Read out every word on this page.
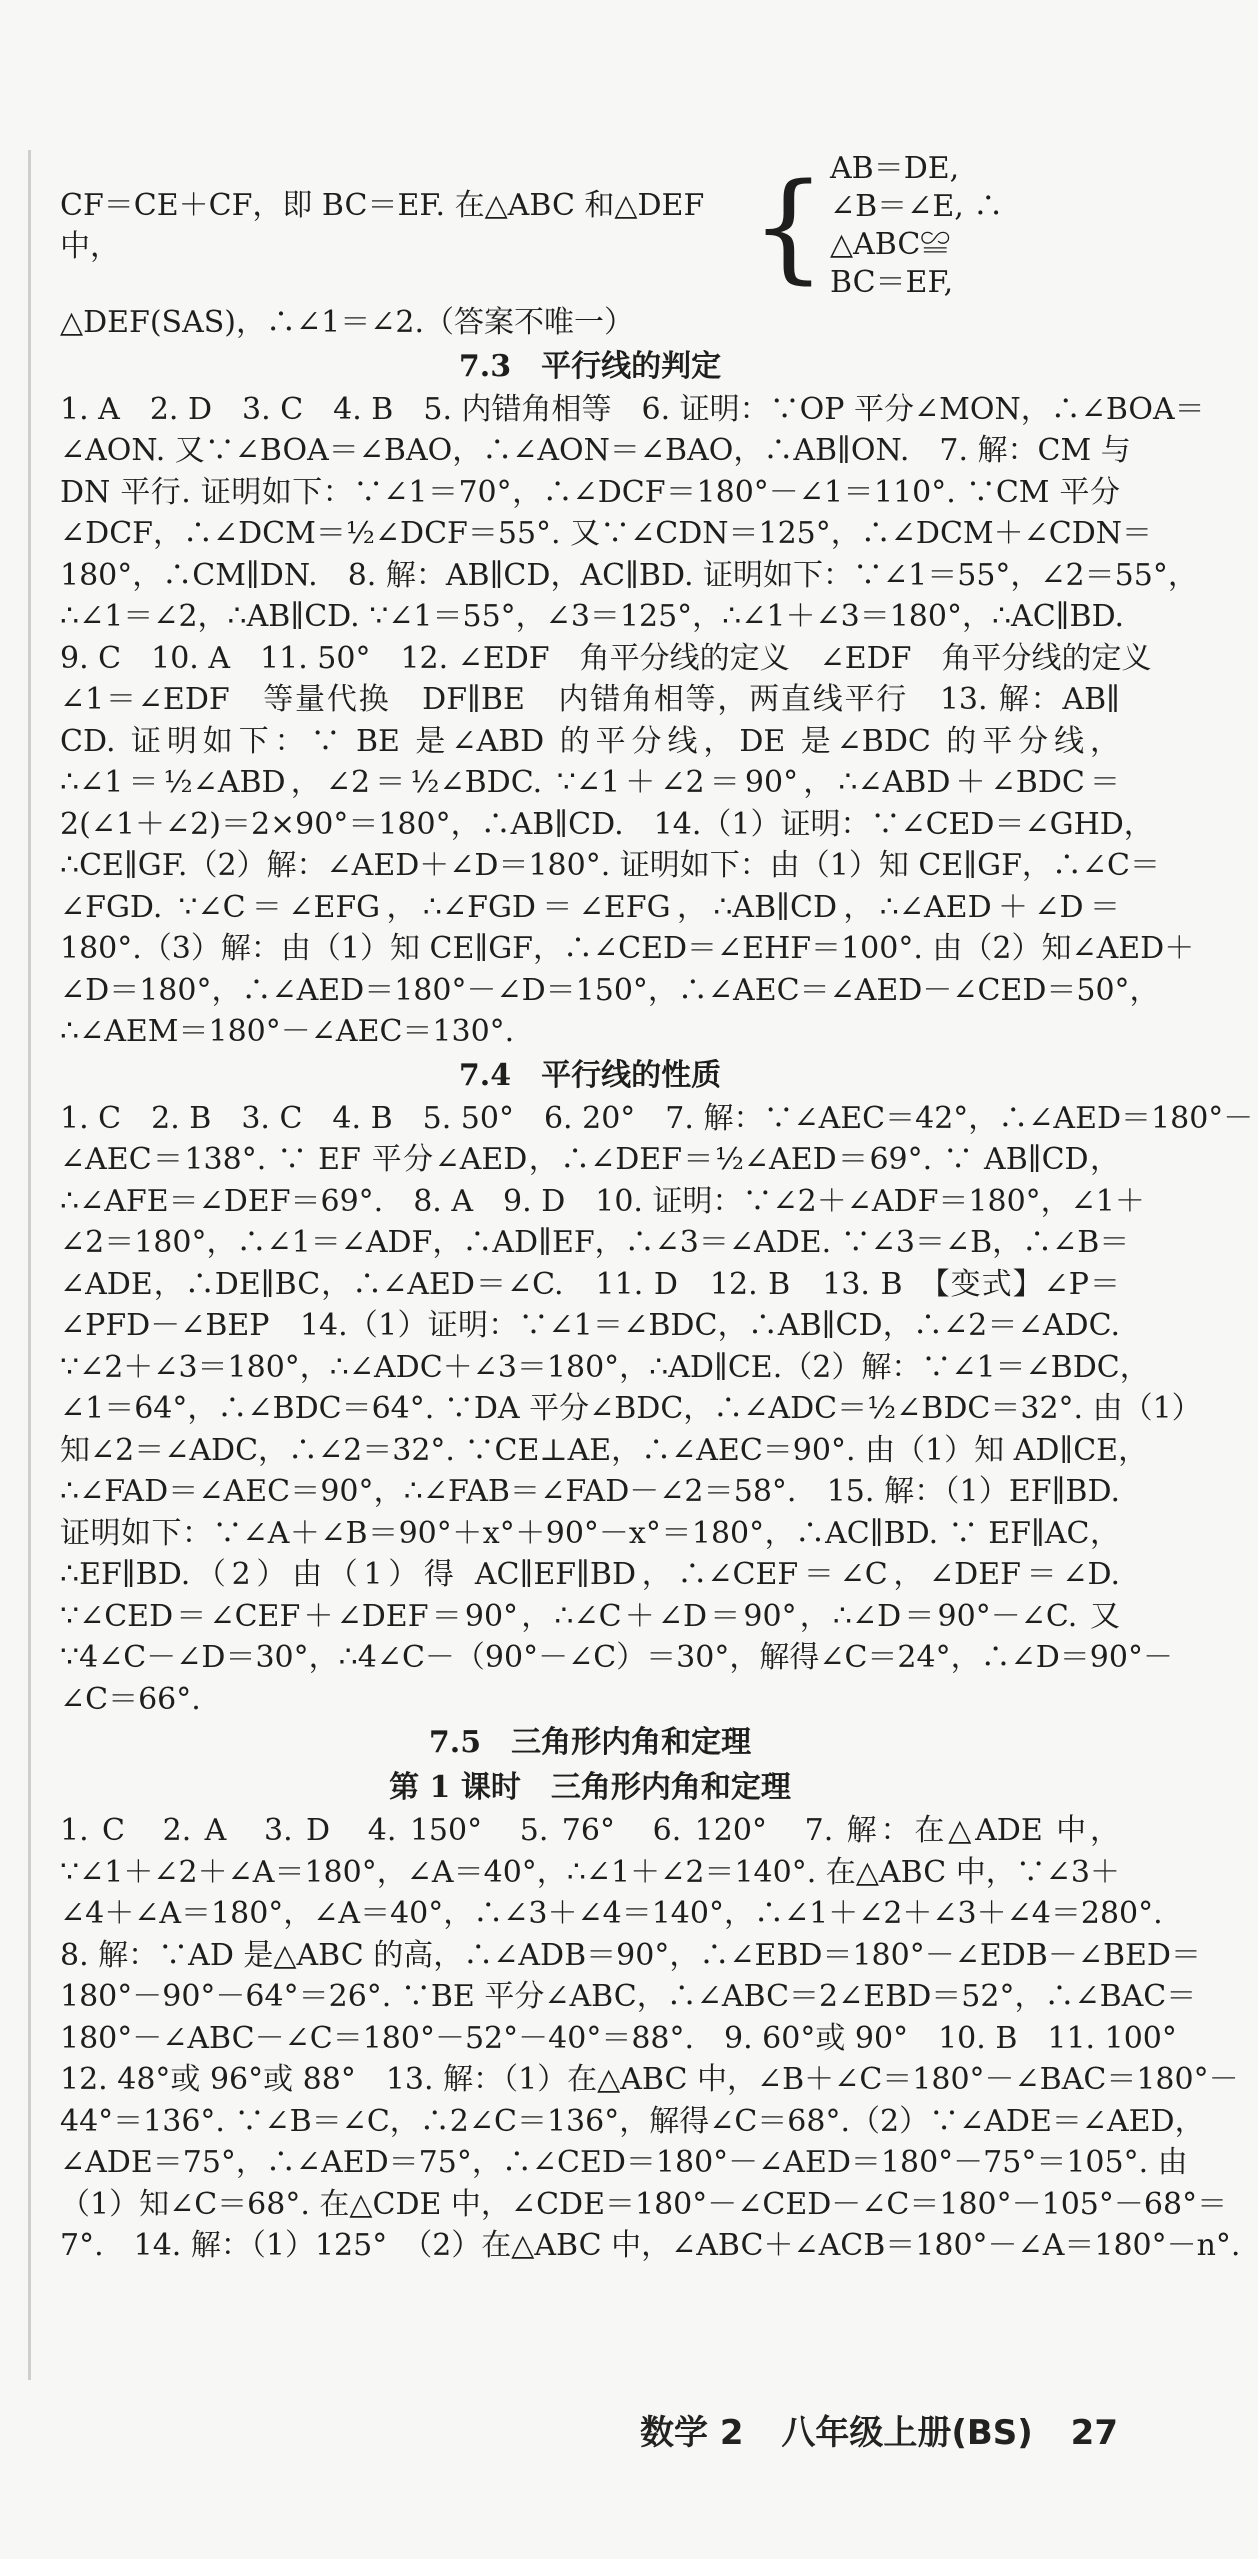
CF＝CE＋CF，即 BC＝EF. 在△ABC 和△DEF 中，	{ AB＝DE,
∠B＝∠E, ∴ △ABC≌
BC＝EF,
△DEF(SAS)，∴∠1＝∠2.（答案不唯一）
7.3　平行线的判定
1. A　2. D　3. C　4. B　5. 内错角相等　6. 证明：∵OP 平分∠MON，∴∠BOA＝
∠AON. 又∵∠BOA＝∠BAO，∴∠AON＝∠BAO，∴AB∥ON.　7. 解：CM 与
DN 平行. 证明如下：∵∠1＝70°，∴∠DCF＝180°－∠1＝110°. ∵CM 平分
∠DCF，∴∠DCM＝½∠DCF＝55°. 又∵∠CDN＝125°，∴∠DCM＋∠CDN＝
180°，∴CM∥DN.　8. 解：AB∥CD，AC∥BD. 证明如下：∵∠1＝55°，∠2＝55°，
∴∠1＝∠2，∴AB∥CD. ∵∠1＝55°，∠3＝125°，∴∠1＋∠3＝180°，∴AC∥BD.
9. C　10. A　11. 50°　12. ∠EDF　角平分线的定义　∠EDF　角平分线的定义
∠1＝∠EDF　等量代换　DF∥BE　内错角相等，两直线平行　13. 解：AB∥
CD. 证明如下：∵ BE 是∠ABD 的平分线，DE 是∠BDC 的平分线，
∴∠1＝½∠ABD，∠2＝½∠BDC. ∵∠1＋∠2＝90°，∴∠ABD＋∠BDC＝
2(∠1＋∠2)＝2×90°＝180°，∴AB∥CD.　14.（1）证明：∵∠CED＝∠GHD，
∴CE∥GF.（2）解：∠AED＋∠D＝180°. 证明如下：由（1）知 CE∥GF，∴∠C＝
∠FGD. ∵∠C＝∠EFG，∴∠FGD＝∠EFG，∴AB∥CD，∴∠AED＋∠D＝
180°.（3）解：由（1）知 CE∥GF，∴∠CED＝∠EHF＝100°. 由（2）知∠AED＋
∠D＝180°，∴∠AED＝180°－∠D＝150°，∴∠AEC＝∠AED－∠CED＝50°，
∴∠AEM＝180°－∠AEC＝130°.
7.4　平行线的性质
1. C　2. B　3. C　4. B　5. 50°　6. 20°　7. 解：∵∠AEC＝42°，∴∠AED＝180°－
∠AEC＝138°. ∵ EF 平分∠AED，∴∠DEF＝½∠AED＝69°. ∵ AB∥CD，
∴∠AFE＝∠DEF＝69°.　8. A　9. D　10. 证明：∵∠2＋∠ADF＝180°，∠1＋
∠2＝180°，∴∠1＝∠ADF，∴AD∥EF，∴∠3＝∠ADE. ∵∠3＝∠B，∴∠B＝
∠ADE，∴DE∥BC，∴∠AED＝∠C.　11. D　12. B　13. B　【变式】∠P＝
∠PFD－∠BEP　14.（1）证明：∵∠1＝∠BDC，∴AB∥CD，∴∠2＝∠ADC.
∵∠2＋∠3＝180°，∴∠ADC＋∠3＝180°，∴AD∥CE.（2）解：∵∠1＝∠BDC，
∠1＝64°，∴∠BDC＝64°. ∵DA 平分∠BDC，∴∠ADC＝½∠BDC＝32°. 由（1）
知∠2＝∠ADC，∴∠2＝32°. ∵CE⊥AE，∴∠AEC＝90°. 由（1）知 AD∥CE，
∴∠FAD＝∠AEC＝90°，∴∠FAB＝∠FAD－∠2＝58°.　15. 解：（1）EF∥BD.
证明如下：∵∠A＋∠B＝90°＋x°＋90°－x°＝180°，∴AC∥BD. ∵ EF∥AC，
∴EF∥BD.（2）由（1）得 AC∥EF∥BD，∴∠CEF＝∠C，∠DEF＝∠D.
∵∠CED＝∠CEF＋∠DEF＝90°，∴∠C＋∠D＝90°，∴∠D＝90°－∠C. 又
∵4∠C－∠D＝30°，∴4∠C－（90°－∠C）＝30°，解得∠C＝24°，∴∠D＝90°－
∠C＝66°.
7.5　三角形内角和定理
第 1 课时　三角形内角和定理
1. C　2. A　3. D　4. 150°　5. 76°　6. 120°　7. 解：在△ADE 中，
∵∠1＋∠2＋∠A＝180°，∠A＝40°，∴∠1＋∠2＝140°. 在△ABC 中，∵∠3＋
∠4＋∠A＝180°，∠A＝40°，∴∠3＋∠4＝140°，∴∠1＋∠2＋∠3＋∠4＝280°.
8. 解：∵AD 是△ABC 的高，∴∠ADB＝90°，∴∠EBD＝180°－∠EDB－∠BED＝
180°－90°－64°＝26°. ∵BE 平分∠ABC，∴∠ABC＝2∠EBD＝52°，∴∠BAC＝
180°－∠ABC－∠C＝180°－52°－40°＝88°.　9. 60°或 90°　10. B　11. 100°
12. 48°或 96°或 88°　13. 解：（1）在△ABC 中，∠B＋∠C＝180°－∠BAC＝180°－
44°＝136°. ∵∠B＝∠C，∴2∠C＝136°，解得∠C＝68°.（2）∵∠ADE＝∠AED，
∠ADE＝75°，∴∠AED＝75°，∴∠CED＝180°－∠AED＝180°－75°＝105°. 由
（1）知∠C＝68°. 在△CDE 中，∠CDE＝180°－∠CED－∠C＝180°－105°－68°＝
7°.　14. 解：（1）125°　（2）在△ABC 中，∠ABC＋∠ACB＝180°－∠A＝180°－n°.
数学 2 八年级上册(BS) 27
